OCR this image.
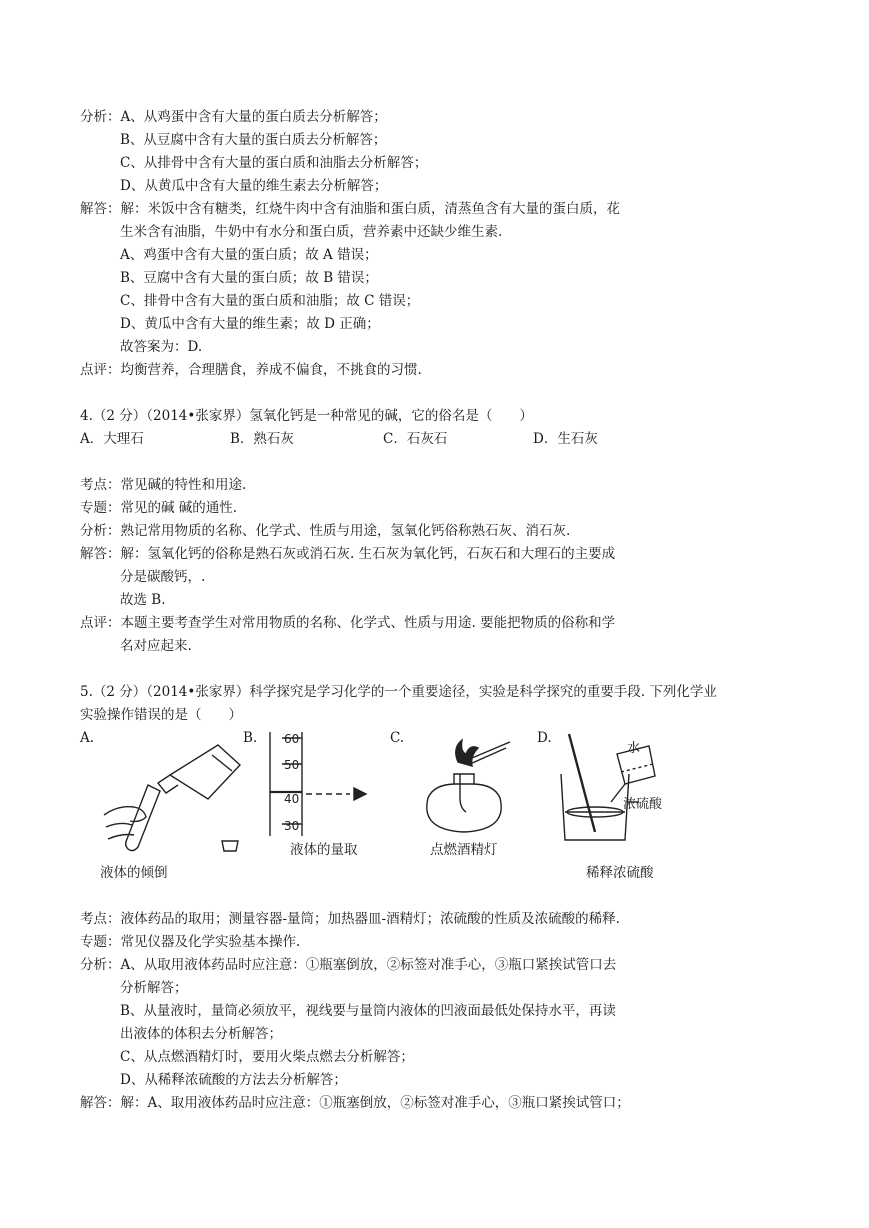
分析：A、从鸡蛋中含有大量的蛋白质去分析解答；
B、从豆腐中含有大量的蛋白质去分析解答；
C、从排骨中含有大量的蛋白质和油脂去分析解答；
D、从黄瓜中含有大量的维生素去分析解答；
解答：解：米饭中含有糖类，红烧牛肉中含有油脂和蛋白质，清蒸鱼含有大量的蛋白质，花
生米含有油脂，牛奶中有水分和蛋白质，营养素中还缺少维生素.
A、鸡蛋中含有大量的蛋白质；故 A 错误；
B、豆腐中含有大量的蛋白质；故 B 错误；
C、排骨中含有大量的蛋白质和油脂；故 C 错误；
D、黄瓜中含有大量的维生素；故 D 正确；
故答案为：D.
点评：均衡营养，合理膳食，养成不偏食，不挑食的习惯.
4.（2 分）（2014•张家界）氢氧化钙是一种常见的碱，它的俗名是（　　）
A．大理石	B．熟石灰	C．石灰石	D．生石灰
考点：常见碱的特性和用途.
专题：常见的碱 碱的通性.
分析：熟记常用物质的名称、化学式、性质与用途，氢氧化钙俗称熟石灰、消石灰.
解答：解：氢氧化钙的俗称是熟石灰或消石灰. 生石灰为氧化钙，石灰石和大理石的主要成
分是碳酸钙，.
故选 B.
点评：本题主要考查学生对常用物质的名称、化学式、性质与用途. 要能把物质的俗称和学
名对应起来.
5.（2 分）（2014•张家界）科学探究是学习化学的一个重要途径，实验是科学探究的重要手段. 下列化学业
实验操作错误的是（　　）
A.	B.	C.	D.
60
50
40
30
水
浓硫酸
液体的倾倒
液体的量取	点燃酒精灯
稀释浓硫酸
考点：液体药品的取用；测量容器-量筒；加热器皿-酒精灯；浓硫酸的性质及浓硫酸的稀释.
专题：常见仪器及化学实验基本操作.
分析：A、从取用液体药品时应注意：①瓶塞倒放，②标签对准手心，③瓶口紧挨试管口去
分析解答；
B、从量液时，量筒必须放平，视线要与量筒内液体的凹液面最低处保持水平，再读
出液体的体积去分析解答；
C、从点燃酒精灯时，要用火柴点燃去分析解答；
D、从稀释浓硫酸的方法去分析解答；
解答：解：A、取用液体药品时应注意：①瓶塞倒放，②标签对准手心，③瓶口紧挨试管口；
